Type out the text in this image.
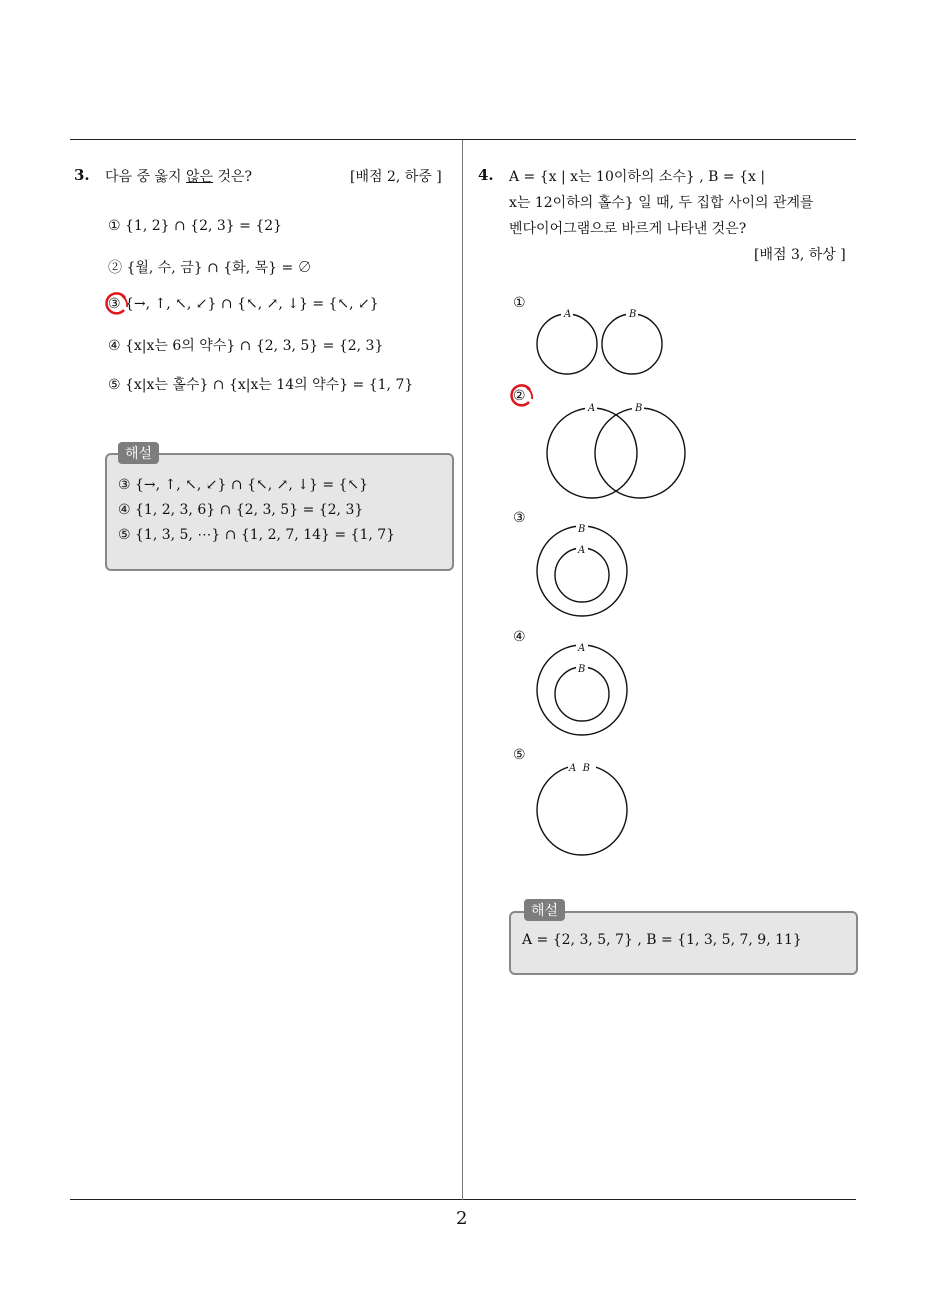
3. 다음 중 옳지 않은 것은?	[배점 2, 하중 ]
① {1, 2} ∩ {2, 3} = {2}
② {월, 수, 금} ∩ {화, 목} = ∅
③ {→, ↑, ↖, ↙} ∩ {↖, ↗, ↓} = {↖, ↙}
④ {x|x는 6의 약수} ∩ {2, 3, 5} = {2, 3}
⑤ {x|x는 홀수} ∩ {x|x는 14의 약수} = {1, 7}
해설
③ {→, ↑, ↖, ↙} ∩ {↖, ↗, ↓} = {↖}
④ {1, 2, 3, 6} ∩ {2, 3, 5} = {2, 3}
⑤ {1, 3, 5, ⋯} ∩ {1, 2, 7, 14} = {1, 7}
4. A = {x | x는 10이하의 소수} , B = {x |
x는 12이하의 홀수} 일 때, 두 집합 사이의 관계를
벤다이어그램으로 바르게 나타낸 것은?
[배점 3, 하상 ]
①
②
③
④
⑤
A	B
A	B
B
A
A
B
A  B
해설
A = {2, 3, 5, 7} , B = {1, 3, 5, 7, 9, 11}
2
